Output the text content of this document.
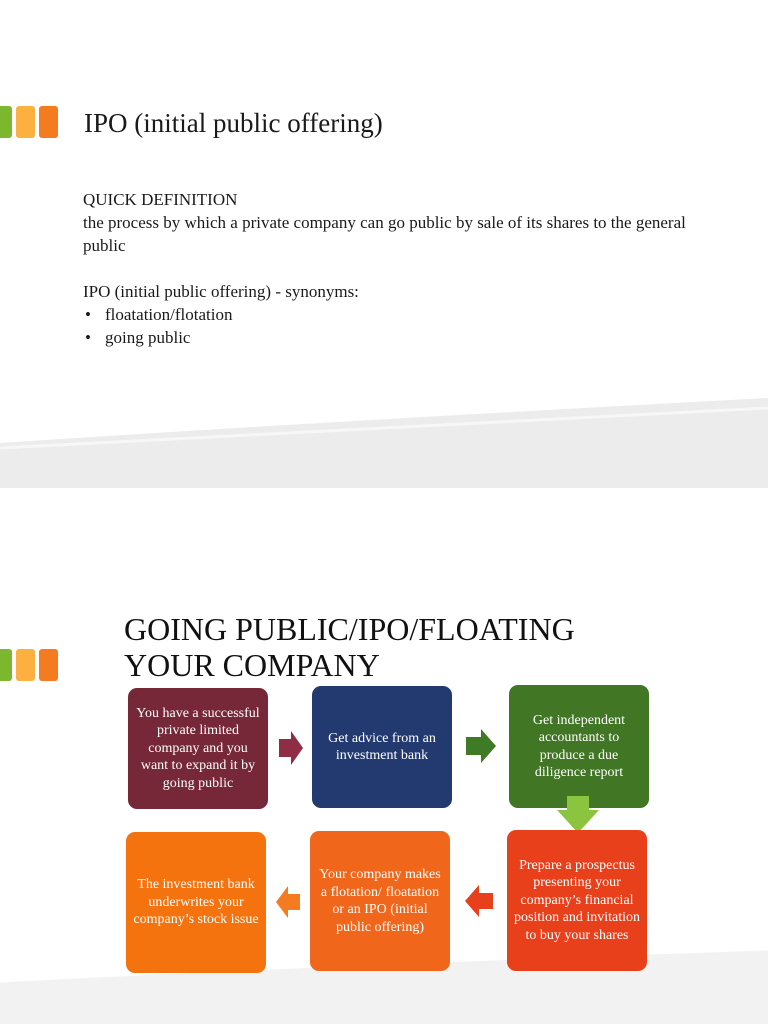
IPO (initial public offering)

QUICK DEFINITION

the process by which a private company can go public by sale of its shares to the general public

IPO (initial public offering) - synonyms:

• floatation/flotation
• going public
GOING PUBLIC/IPO/FLOATING
YOUR COMPANY
You have a successful private limited company and you want to expand it by going public
Get advice from an investment bank
Get independent accountants to produce a due diligence report
Prepare a prospectus presenting your company’s financial position and invitation to buy your shares
Your company makes a flotation/ floatation or an IPO (initial public offering)
The investment bank underwrites your company’s stock issue
